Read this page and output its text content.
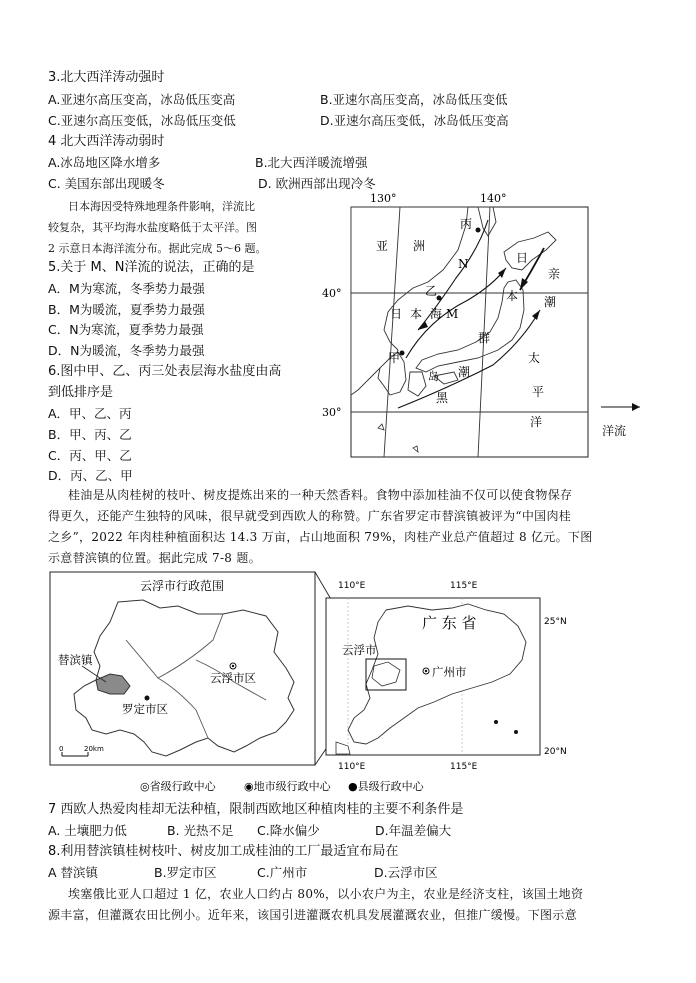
3.北大西洋涛动强时
A.亚速尔高压变高，冰岛低压变高	B.亚速尔高压变高，冰岛低压变低
C.亚速尔高压变低，冰岛低压变低	D.亚速尔高压变低，冰岛低压变高
4 北大西洋涛动弱时
A.冰岛地区降水增多	B.北大西洋暖流增强
C. 美国东部出现暖冬	D. 欧洲西部出现冷冬
日本海因受特殊地理条件影响，洋流比
较复杂，其平均海水盐度略低于太平洋。图
2 示意日本海洋流分布。据此完成 5～6 题。
5.关于 M、N洋流的说法，正确的是
A．M为寒流，冬季势力最强
B．M为暖流，夏季势力最强
C．N为寒流，夏季势力最强
D．N为暖流，冬季势力最强
6.图中甲、乙、丙三处表层海水盐度由高
到低排序是
A．甲、乙、丙
B．甲、丙、乙
C．丙、甲、乙
D．丙、乙、甲
130°	140°
40°
30°
亚 洲
丙
N
乙
M
日 本 海
甲
日
本
群
岛 潮
黑
亲
潮
太
平
洋
洋流
桂油是从肉桂树的枝叶、树皮提炼出来的一种天然香料。食物中添加桂油不仅可以使食物保存
得更久，还能产生独特的风味，很早就受到西欧人的称赞。广东省罗定市替滨镇被评为“中国肉桂
之乡”，2022 年肉桂种植面积达 14.3 万亩，占山地面积 79%，肉桂产业总产值超过 8 亿元。下图
示意替滨镇的位置。据此完成 7-8 题。
云浮市行政范围
替滨镇
云浮市区
罗定市区
0	20km
110°E	115°E
110°E	115°E
25°N
20°N
云浮市
广 东 省
广州市
◎省级行政中心	◉地市级行政中心 ●县级行政中心
7 西欧人热爱肉桂却无法种植，限制西欧地区种植肉桂的主要不利条件是
A. 土壤肥力低	B. 光热不足 C.降水偏少	D.年温差偏大
8.利用替滨镇桂树枝叶、树皮加工成桂油的工厂最适宜布局在
A 替滨镇	B.罗定市区	C.广州市	D.云浮市区
埃塞俄比亚人口超过 1 亿，农业人口约占 80%，以小农户为主，农业是经济支柱，该国土地资
源丰富，但灌溉农田比例小。近年来，该国引进灌溉农机具发展灌溉农业，但推广缓慢。下图示意
